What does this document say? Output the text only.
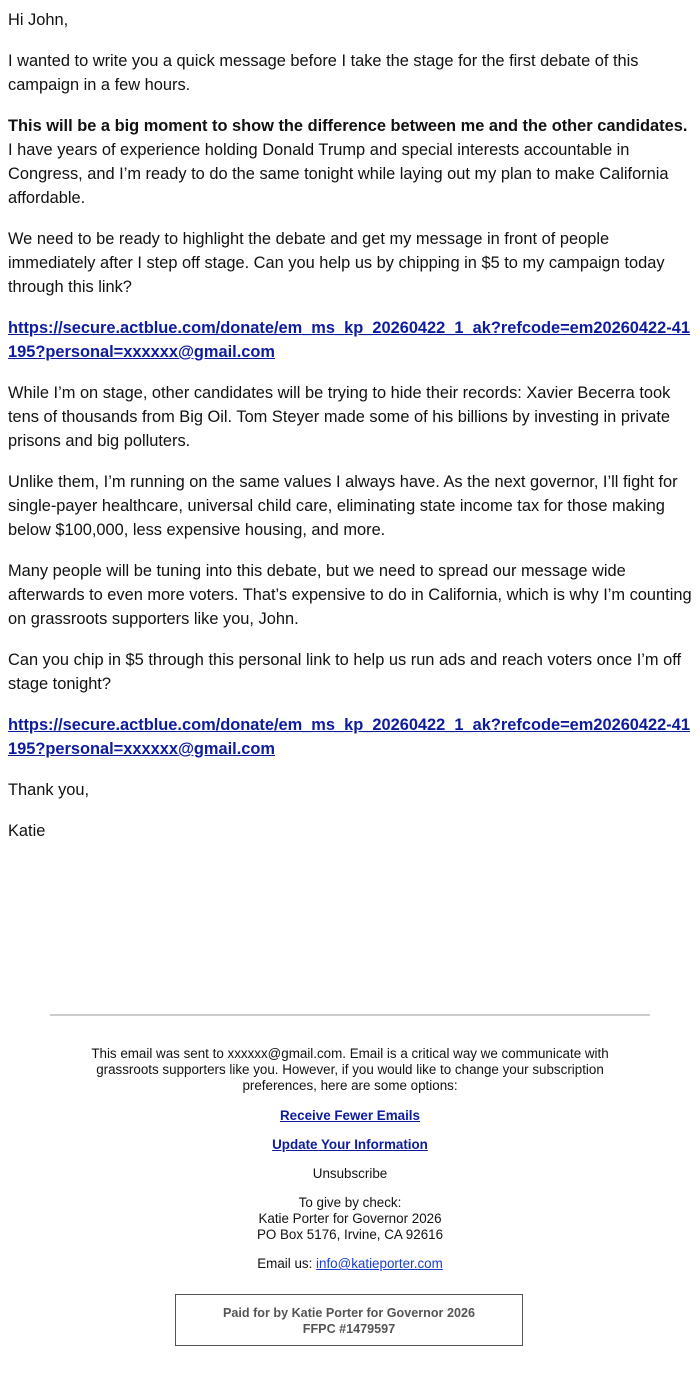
Hi John,

I wanted to write you a quick message before I take the stage for the first debate of this campaign in a few hours.

This will be a big moment to show the difference between me and the other candidates. I have years of experience holding Donald Trump and special interests accountable in Congress, and I’m ready to do the same tonight while laying out my plan to make California affordable.

We need to be ready to highlight the debate and get my message in front of people immediately after I step off stage. Can you help us by chipping in $5 to my campaign today through this link?

https://secure.actblue.com/donate/em_ms_kp_20260422_1_ak?refcode=em20260422-41195?personal=xxxxxx@gmail.com

While I’m on stage, other candidates will be trying to hide their records: Xavier Becerra took tens of thousands from Big Oil. Tom Steyer made some of his billions by investing in private prisons and big polluters.

Unlike them, I’m running on the same values I always have. As the next governor, I’ll fight for single-payer healthcare, universal child care, eliminating state income tax for those making below $100,000, less expensive housing, and more.

Many people will be tuning into this debate, but we need to spread our message wide afterwards to even more voters. That’s expensive to do in California, which is why I’m counting on grassroots supporters like you, John.

Can you chip in $5 through this personal link to help us run ads and reach voters once I’m off stage tonight?

https://secure.actblue.com/donate/em_ms_kp_20260422_1_ak?refcode=em20260422-41195?personal=xxxxxx@gmail.com

Thank you,

Katie

This email was sent to xxxxxx@gmail.com. Email is a critical way we communicate with grassroots supporters like you. However, if you would like to change your subscription preferences, here are some options:

Receive Fewer Emails

Update Your Information

Unsubscribe

To give by check:

Katie Porter for Governor 2026

PO Box 5176, Irvine, CA 92616

Email us: info@katieporter.com

Paid for by Katie Porter for Governor 2026
FFPC #1479597
